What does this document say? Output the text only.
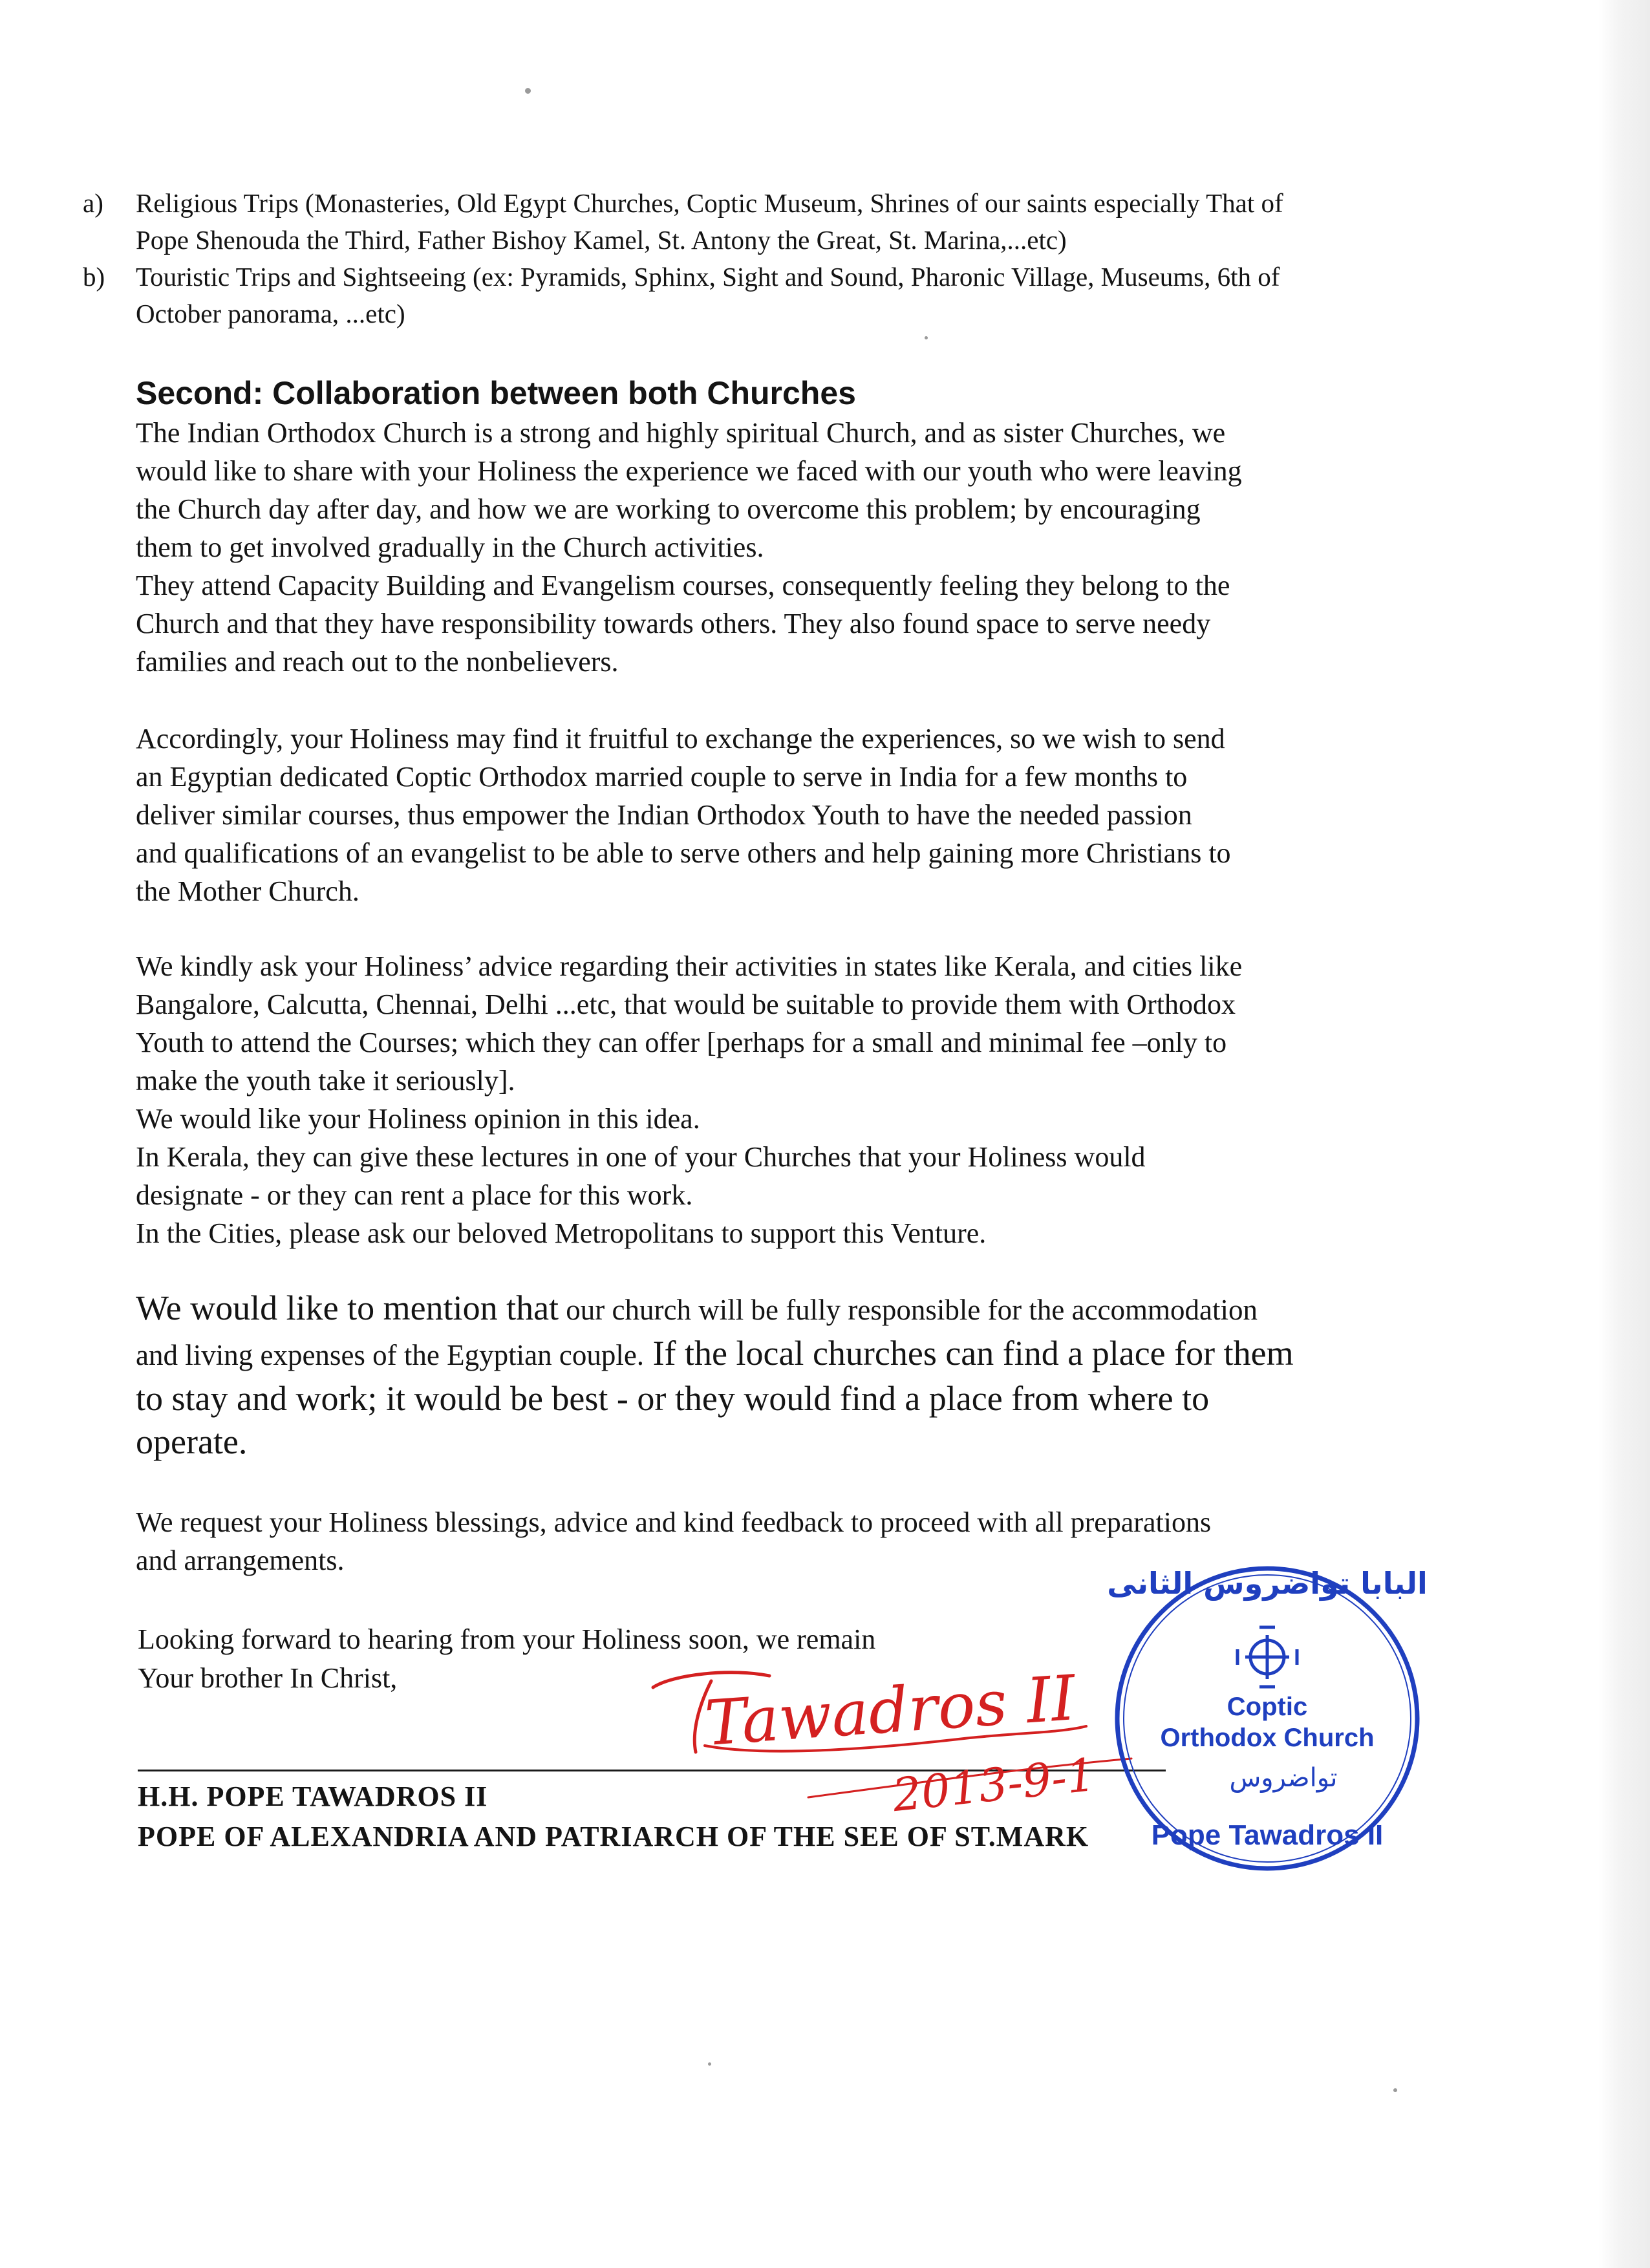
a) Religious Trips (Monasteries, Old Egypt Churches, Coptic Museum, Shrines of our saints especially That of
Pope Shenouda the Third, Father Bishoy Kamel, St. Antony the Great, St. Marina,...etc)
b) Touristic Trips and Sightseeing (ex: Pyramids, Sphinx, Sight and Sound, Pharonic Village, Museums, 6th of
October panorama, ...etc)
Second: Collaboration between both Churches
The Indian Orthodox Church is a strong and highly spiritual Church, and as sister Churches, we
would like to share with your Holiness the experience we faced with our youth who were leaving
the Church day after day, and how we are working to overcome this problem; by encouraging
them to get involved gradually in the Church activities.
They attend Capacity Building and Evangelism courses, consequently feeling they belong to the
Church and that they have responsibility towards others. They also found space to serve needy
families and reach out to the nonbelievers.
Accordingly, your Holiness may find it fruitful to exchange the experiences, so we wish to send
an Egyptian dedicated Coptic Orthodox married couple to serve in India for a few months to
deliver similar courses, thus empower the Indian Orthodox Youth to have the needed passion
and qualifications of an evangelist to be able to serve others and help gaining more Christians to
the Mother Church.
We kindly ask your Holiness’ advice regarding their activities in states like Kerala, and cities like
Bangalore, Calcutta, Chennai, Delhi ...etc, that would be suitable to provide them with Orthodox
Youth to attend the Courses; which they can offer [perhaps for a small and minimal fee –only to
make the youth take it seriously].
We would like your Holiness opinion in this idea.
In Kerala, they can give these lectures in one of your Churches that your Holiness would
designate - or they can rent a place for this work.
In the Cities, please ask our beloved Metropolitans to support this Venture.
We would like to mention that our church will be fully responsible for the accommodation
and living expenses of the Egyptian couple. If the local churches can find a place for them
to stay and work; it would be best - or they would find a place from where to
operate.
We request your Holiness blessings, advice and kind feedback to proceed with all preparations
and arrangements.
Looking forward to hearing from your Holiness soon, we remain
Your brother In Christ,
H.H. POPE TAWADROS II
POPE OF ALEXANDRIA AND PATRIARCH OF THE SEE OF ST.MARK
Tawadros II
2013-9-1
البابا تواضروس الثانى
Coptic
Orthodox Church
تواضروس
Pope Tawadros II
